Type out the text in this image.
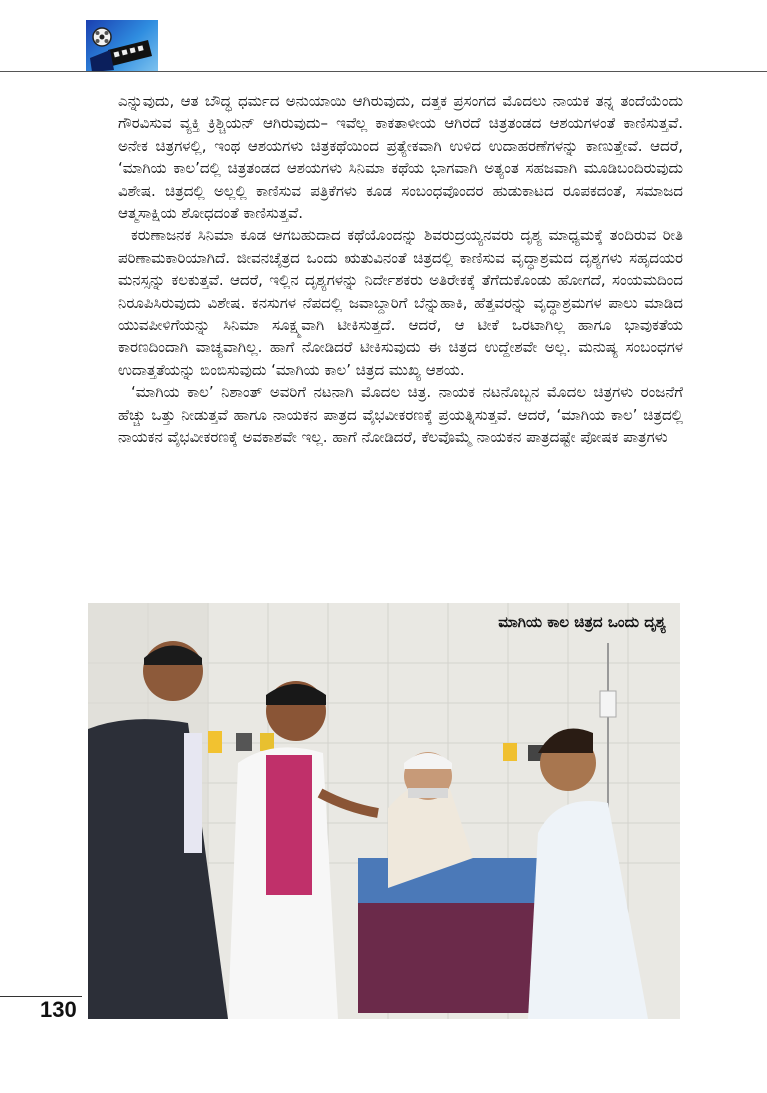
ಎನ್ನುವುದು, ಆತ ಬೌದ್ಧ ಧರ್ಮದ ಅನುಯಾಯಿ ಆಗಿರುವುದು, ದತ್ತಕ ಪ್ರಸಂಗದ ಮೊದಲು ನಾಯಕ ತನ್ನ ತಂದೆಯೆಂದು ಗೌರವಿಸುವ ವ್ಯಕ್ತಿ ಕ್ರಿಶ್ಚಿಯನ್ ಆಗಿರುವುದು– ಇವೆಲ್ಲ ಕಾಕತಾಳೀಯ ಆಗಿರದೆ ಚಿತ್ರತಂಡದ ಆಶಯಗಳಂತೆ ಕಾಣಿಸುತ್ತವೆ. ಅನೇಕ ಚಿತ್ರಗಳಲ್ಲಿ, ಇಂಥ ಆಶಯಗಳು ಚಿತ್ರಕಥೆಯಿಂದ ಪ್ರತ್ಯೇಕವಾಗಿ ಉಳಿದ ಉದಾಹರಣೆಗಳನ್ನು ಕಾಣುತ್ತೇವೆ. ಆದರೆ, ‘ಮಾಗಿಯ ಕಾಲ’ದಲ್ಲಿ ಚಿತ್ರತಂಡದ ಆಶಯಗಳು ಸಿನಿಮಾ ಕಥೆಯ ಭಾಗವಾಗಿ ಅತ್ಯಂತ ಸಹಜವಾಗಿ ಮೂಡಿಬಂದಿರುವುದು ವಿಶೇಷ. ಚಿತ್ರದಲ್ಲಿ ಅಲ್ಲಲ್ಲಿ ಕಾಣಿಸುವ ಪತ್ರಿಕೆಗಳು ಕೂಡ ಸಂಬಂಧವೊಂದರ ಹುಡುಕಾಟದ ರೂಪಕದಂತೆ, ಸಮಾಜದ ಆತ್ಮಸಾಕ್ಷಿಯ ಶೋಧದಂತೆ ಕಾಣಿಸುತ್ತವೆ.

ಕರುಣಾಜನಕ ಸಿನಿಮಾ ಕೂಡ ಆಗಬಹುದಾದ ಕಥೆಯೊಂದನ್ನು ಶಿವರುದ್ರಯ್ಯನವರು ದೃಶ್ಯ ಮಾಧ್ಯಮಕ್ಕೆ ತಂದಿರುವ ರೀತಿ ಪರಿಣಾಮಕಾರಿಯಾಗಿದೆ. ಜೀವನಚೈತ್ರದ ಒಂದು ಋತುವಿನಂತೆ ಚಿತ್ರದಲ್ಲಿ ಕಾಣಿಸುವ ವೃದ್ಧಾಶ್ರಮದ ದೃಶ್ಯಗಳು ಸಹೃದಯರ ಮನಸ್ಸನ್ನು ಕಲಕುತ್ತವೆ. ಆದರೆ, ಇಲ್ಲಿನ ದೃಶ್ಯಗಳನ್ನು ನಿರ್ದೇಶಕರು ಅತಿರೇಕಕ್ಕೆ ತೆಗೆದುಕೊಂಡು ಹೋಗದೆ, ಸಂಯಮದಿಂದ ನಿರೂಪಿಸಿರುವುದು ವಿಶೇಷ. ಕನಸುಗಳ ನೆಪದಲ್ಲಿ ಜವಾಬ್ದಾರಿಗೆ ಬೆನ್ನುಹಾಕಿ, ಹೆತ್ತವರನ್ನು ವೃದ್ಧಾಶ್ರಮಗಳ ಪಾಲು ಮಾಡಿದ ಯುವಪೀಳಿಗೆಯನ್ನು ಸಿನಿಮಾ ಸೂಕ್ಷ್ಮವಾಗಿ ಟೀಕಿಸುತ್ತದೆ. ಆದರೆ, ಆ ಟೀಕೆ ಒರಟಾಗಿಲ್ಲ ಹಾಗೂ ಭಾವುಕತೆಯ ಕಾರಣದಿಂದಾಗಿ ವಾಚ್ಯವಾಗಿಲ್ಲ. ಹಾಗೆ ನೋಡಿದರೆ ಟೀಕಿಸುವುದು ಈ ಚಿತ್ರದ ಉದ್ದೇಶವೇ ಅಲ್ಲ. ಮನುಷ್ಯ ಸಂಬಂಧಗಳ ಉದಾತ್ತತೆಯನ್ನು ಬಿಂಬಿಸುವುದು ‘ಮಾಗಿಯ ಕಾಲ’ ಚಿತ್ರದ ಮುಖ್ಯ ಆಶಯ.

‘ಮಾಗಿಯ ಕಾಲ’ ನಿಶಾಂತ್ ಅವರಿಗೆ ನಟನಾಗಿ ಮೊದಲ ಚಿತ್ರ. ನಾಯಕ ನಟನೊಬ್ಬನ ಮೊದಲ ಚಿತ್ರಗಳು ರಂಜನೆಗೆ ಹೆಚ್ಚು ಒತ್ತು ನೀಡುತ್ತವೆ ಹಾಗೂ ನಾಯಕನ ಪಾತ್ರದ ವೈಭವೀಕರಣಕ್ಕೆ ಪ್ರಯತ್ನಿಸುತ್ತವೆ. ಆದರೆ, ‘ಮಾಗಿಯ ಕಾಲ’ ಚಿತ್ರದಲ್ಲಿ ನಾಯಕನ ವೈಭವೀಕರಣಕ್ಕೆ ಅವಕಾಶವೇ ಇಲ್ಲ. ಹಾಗೆ ನೋಡಿದರೆ, ಕೆಲವೊಮ್ಮೆ ನಾಯಕನ ಪಾತ್ರದಷ್ಟೇ ಪೋಷಕ ಪಾತ್ರಗಳು

ಮಾಗಿಯ ಕಾಲ ಚಿತ್ರದ ಒಂದು ದೃಶ್ಯ
130
